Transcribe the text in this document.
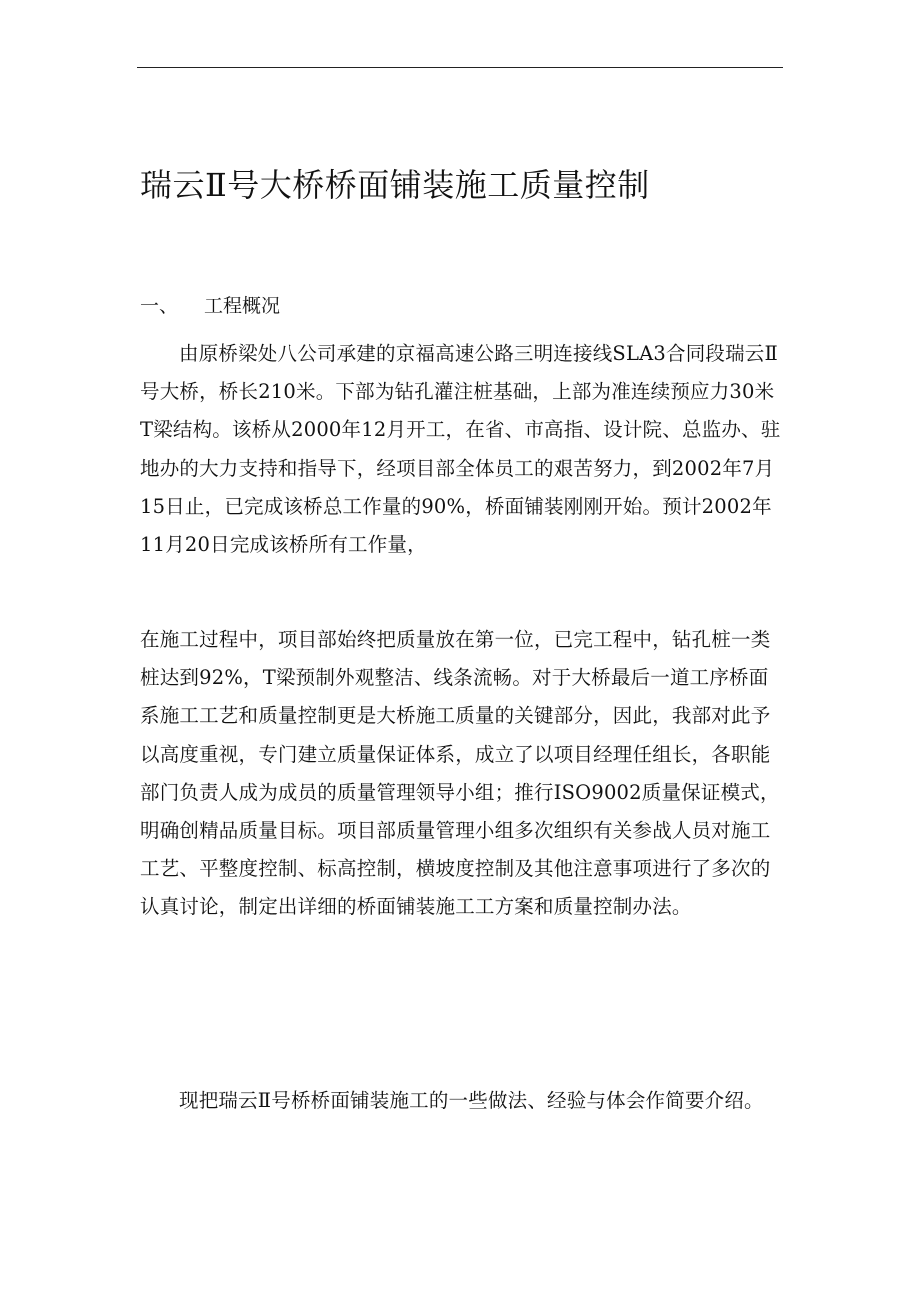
瑞云Ⅱ号大桥桥面铺装施工质量控制
一、 工程概况

由原桥梁处八公司承建的京福高速公路三明连接线SLA3合同段瑞云Ⅱ号大桥，桥长210米。下部为钻孔灌注桩基础，上部为准连续预应力30米T梁结构。该桥从2000年12月开工，在省、市高指、设计院、总监办、驻地办的大力支持和指导下，经项目部全体员工的艰苦努力，到2002年7月15日止，已完成该桥总工作量的90%，桥面铺装刚刚开始。预计2002年11月20日完成该桥所有工作量，

在施工过程中，项目部始终把质量放在第一位，已完工程中，钻孔桩一类桩达到92%，T梁预制外观整洁、线条流畅。对于大桥最后一道工序桥面系施工工艺和质量控制更是大桥施工质量的关键部分，因此，我部对此予以高度重视，专门建立质量保证体系，成立了以项目经理任组长，各职能部门负责人成为成员的质量管理领导小组；推行ISO9002质量保证模式，明确创精品质量目标。项目部质量管理小组多次组织有关参战人员对施工工艺、平整度控制、标高控制，横坡度控制及其他注意事项进行了多次的认真讨论，制定出详细的桥面铺装施工工方案和质量控制办法。

现把瑞云Ⅱ号桥桥面铺装施工的一些做法、经验与体会作简要介绍。
